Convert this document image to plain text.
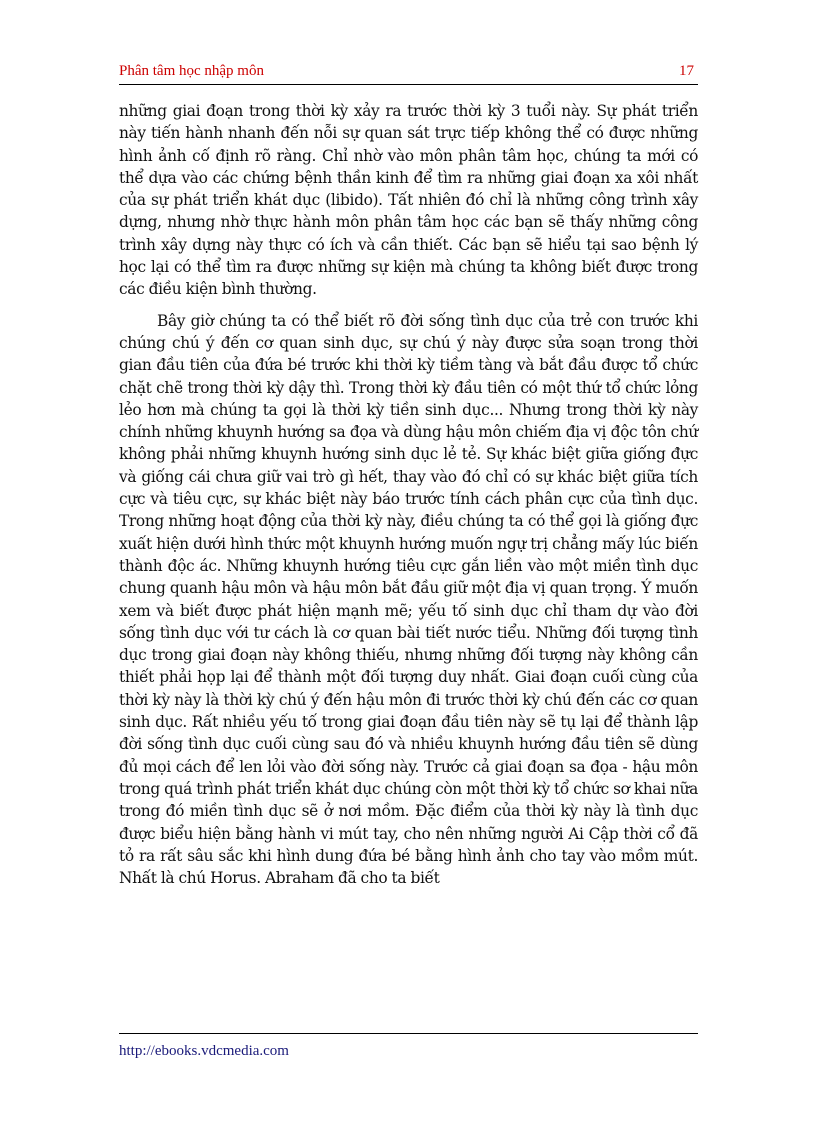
Phân tâm học nhập môn	17

những giai đoạn trong thời kỳ xảy ra trước thời kỳ 3 tuổi này. Sự phát triển này tiến hành nhanh đến nỗi sự quan sát trực tiếp không thể có được những hình ảnh cố định rõ ràng. Chỉ nhờ vào môn phân tâm học, chúng ta mới có thể dựa vào các chứng bệnh thần kinh để tìm ra những giai đoạn xa xôi nhất của sự phát triển khát dục (libido). Tất nhiên đó chỉ là những công trình xây dựng, nhưng nhờ thực hành môn phân tâm học các bạn sẽ thấy những công trình xây dựng này thực có ích và cần thiết. Các bạn sẽ hiểu tại sao bệnh lý học lại có thể tìm ra được những sự kiện mà chúng ta không biết được trong các điều kiện bình thường.

Bây giờ chúng ta có thể biết rõ đời sống tình dục của trẻ con trước khi chúng chú ý đến cơ quan sinh dục, sự chú ý này được sửa soạn trong thời gian đầu tiên của đứa bé trước khi thời kỳ tiềm tàng và bắt đầu được tổ chức chặt chẽ trong thời kỳ dậy thì. Trong thời kỳ đầu tiên có một thứ tổ chức lỏng lẻo hơn mà chúng ta gọi là thời kỳ tiền sinh dục... Nhưng trong thời kỳ này chính những khuynh hướng sa đọa và dùng hậu môn chiếm địa vị độc tôn chứ không phải những khuynh hướng sinh dục lẻ tẻ. Sự khác biệt giữa giống đực và giống cái chưa giữ vai trò gì hết, thay vào đó chỉ có sự khác biệt giữa tích cực và tiêu cực, sự khác biệt này báo trước tính cách phân cực của tình dục. Trong những hoạt động của thời kỳ này, điều chúng ta có thể gọi là giống đực xuất hiện dưới hình thức một khuynh hướng muốn ngự trị chẳng mấy lúc biến thành độc ác. Những khuynh hướng tiêu cực gắn liền vào một miền tình dục chung quanh hậu môn và hậu môn bắt đầu giữ một địa vị quan trọng. Ý muốn xem và biết được phát hiện mạnh mẽ; yếu tố sinh dục chỉ tham dự vào đời sống tình dục với tư cách là cơ quan bài tiết nước tiểu. Những đối tượng tình dục trong giai đoạn này không thiếu, nhưng những đối tượng này không cần thiết phải họp lại để thành một đối tượng duy nhất. Giai đoạn cuối cùng của thời kỳ này là thời kỳ chú ý đến hậu môn đi trước thời kỳ chú đến các cơ quan sinh dục. Rất nhiều yếu tố trong giai đoạn đầu tiên này sẽ tụ lại để thành lập đời sống tình dục cuối cùng sau đó và nhiều khuynh hướng đầu tiên sẽ dùng đủ mọi cách để len lỏi vào đời sống này. Trước cả giai đoạn sa đọa - hậu môn trong quá trình phát triển khát dục chúng còn một thời kỳ tổ chức sơ khai nữa trong đó miền tình dục sẽ ở nơi mồm. Đặc điểm của thời kỳ này là tình dục được biểu hiện bằng hành vi mút tay, cho nên những người Ai Cập thời cổ đã tỏ ra rất sâu sắc khi hình dung đứa bé bằng hình ảnh cho tay vào mồm mút. Nhất là chú Horus. Abraham đã cho ta biết

http://ebooks.vdcmedia.com
